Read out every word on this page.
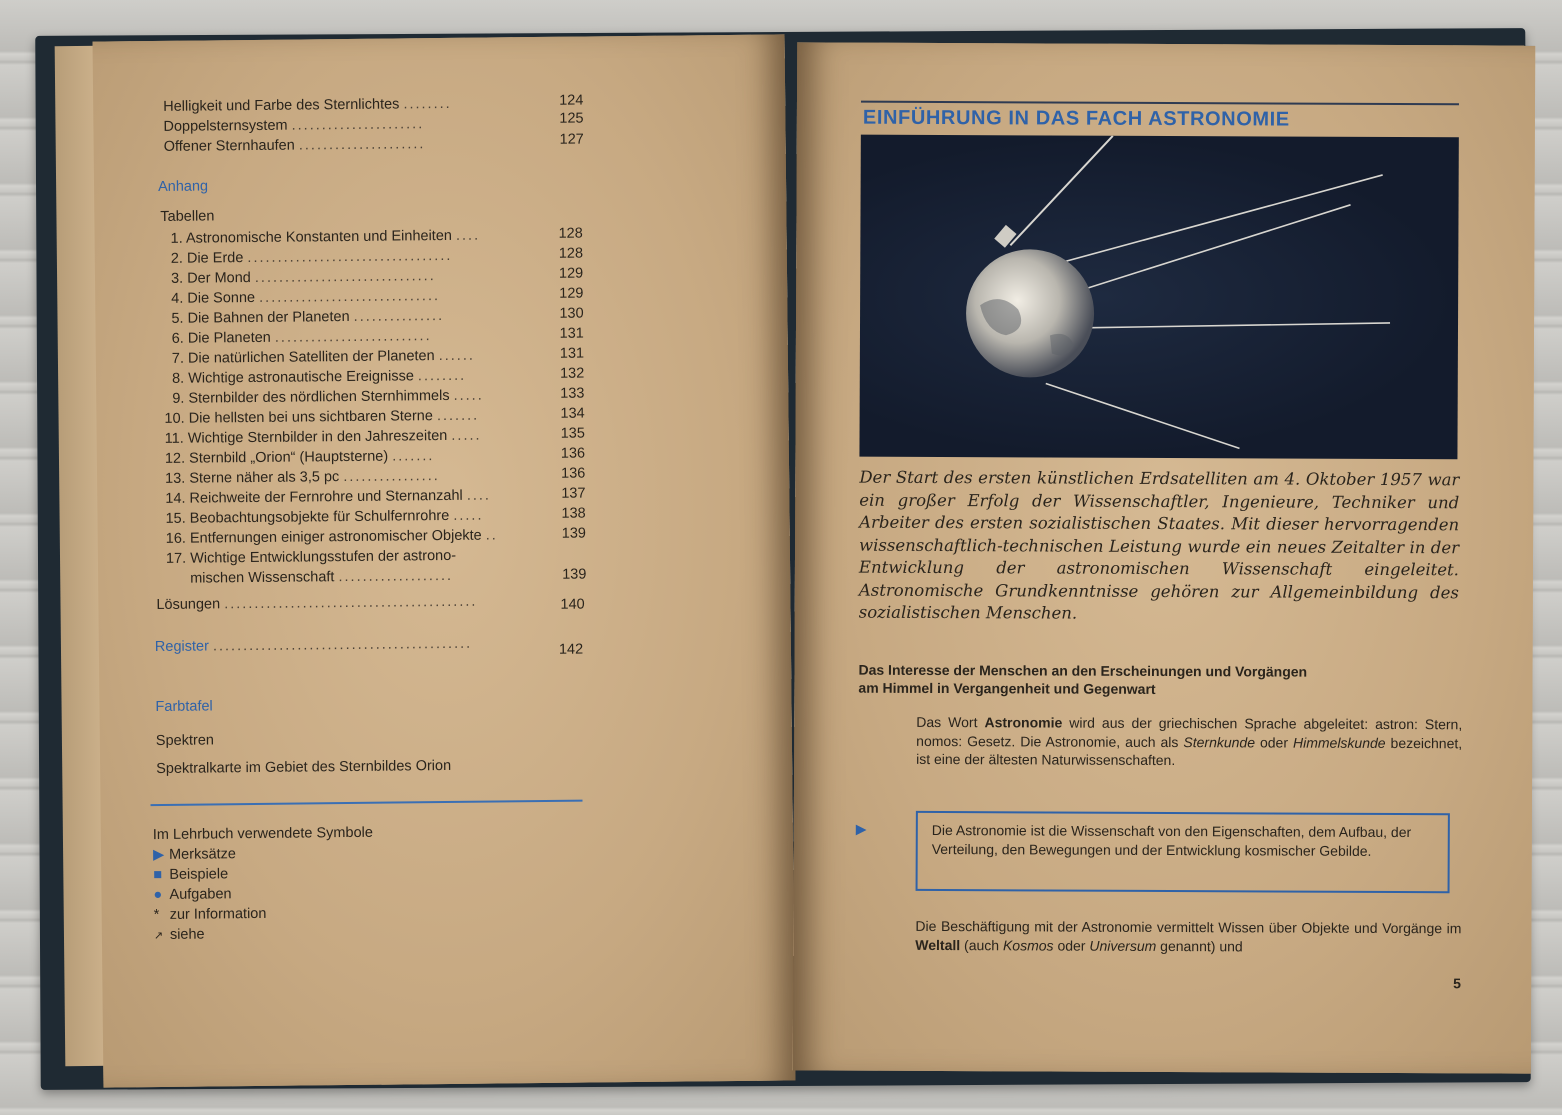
Helligkeit und Farbe des Sternlichtes ........	124
Doppelsternsystem ......................	125
Offener Sternhaufen .....................	127
Anhang
Tabellen
1. Astronomische Konstanten und Einheiten ....	128
2. Die Erde ..................................	128
3. Der Mond ..............................	129
4. Die Sonne ..............................	129
5. Die Bahnen der Planeten ...............	130
6. Die Planeten ..........................	131
7. Die natürlichen Satelliten der Planeten ......	131
8. Wichtige astronautische Ereignisse ........	132
9. Sternbilder des nördlichen Sternhimmels .....	133
10. Die hellsten bei uns sichtbaren Sterne .......	134
11. Wichtige Sternbilder in den Jahreszeiten .....	135
12. Sternbild „Orion“ (Hauptsterne) .......	136
13. Sterne näher als 3,5 pc ................	136
14. Reichweite der Fernrohre und Sternanzahl ....	137
15. Beobachtungsobjekte für Schulfernrohre .....	138
16. Entfernungen einiger astronomischer Objekte ..	139
17. Wichtige Entwicklungsstufen der astrono-
mischen Wissenschaft ...................	139
Lösungen ..........................................	140
Register ...........................................	142
Farbtafel
Spektren
Spektralkarte im Gebiet des Sternbildes Orion
Im Lehrbuch verwendete Symbole
▶ Merksätze
■ Beispiele
● Aufgaben
* zur Information
↗ siehe
EINFÜHRUNG IN DAS FACH ASTRONOMIE
Der Start des ersten künstlichen Erdsatelliten am 4. Oktober 1957 war ein großer Erfolg der Wissenschaftler, Ingenieure, Techniker und Arbeiter des ersten sozialistischen Staates. Mit dieser hervorragenden wissenschaftlich-technischen Leistung wurde ein neues Zeitalter in der Entwicklung der astronomischen Wissenschaft eingeleitet. Astronomische Grundkenntnisse gehören zur Allgemeinbildung des sozialistischen Menschen.
Das Interesse der Menschen an den Erscheinungen und Vorgängen
am Himmel in Vergangenheit und Gegenwart
Das Wort Astronomie wird aus der griechischen Sprache abgeleitet: astron: Stern, nomos: Gesetz. Die Astronomie, auch als Sternkunde oder Himmelskunde bezeichnet, ist eine der ältesten Naturwissenschaften.
▶	Die Astronomie ist die Wissenschaft von den Eigenschaften, dem Aufbau, der Verteilung, den Bewegungen und der Entwicklung kosmischer Gebilde.
Die Beschäftigung mit der Astronomie vermittelt Wissen über Objekte und Vorgänge im Weltall (auch Kosmos oder Universum genannt) und
5
